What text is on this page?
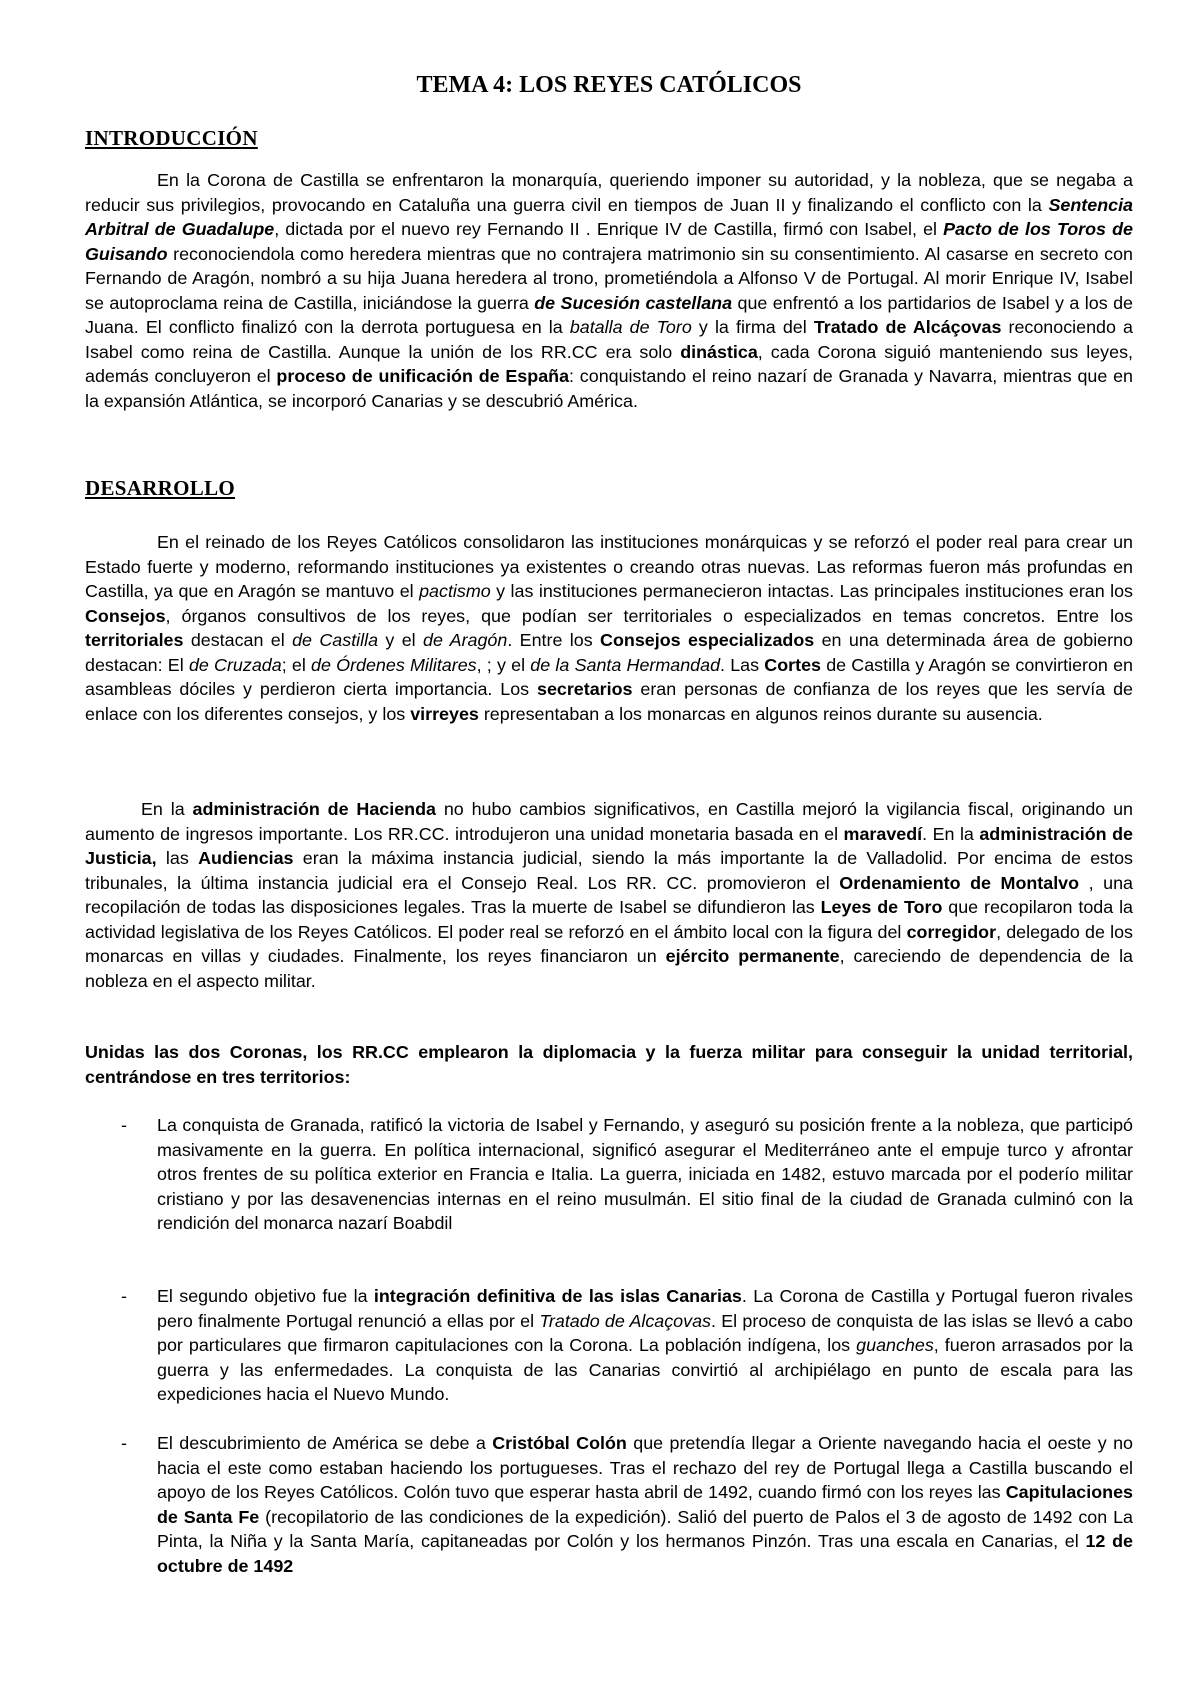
TEMA 4: LOS REYES CATÓLICOS
INTRODUCCIÓN

En la Corona de Castilla se enfrentaron la monarquía, queriendo imponer su autoridad, y la nobleza, que se negaba a reducir sus privilegios, provocando en Cataluña una guerra civil en tiempos de Juan II y finalizando el conflicto con la Sentencia Arbitral de Guadalupe, dictada por el nuevo rey Fernando II . Enrique IV de Castilla, firmó con Isabel, el Pacto de los Toros de Guisando reconociendola como heredera mientras que no contrajera matrimonio sin su consentimiento. Al casarse en secreto con Fernando de Aragón, nombró a su hija Juana heredera al trono, prometiéndola a Alfonso V de Portugal. Al morir Enrique IV, Isabel se autoproclama reina de Castilla, iniciándose la guerra de Sucesión castellana que enfrentó a los partidarios de Isabel y a los de Juana. El conflicto finalizó con la derrota portuguesa en la batalla de Toro y la firma del Tratado de Alcáçovas reconociendo a Isabel como reina de Castilla. Aunque la unión de los RR.CC era solo dinástica, cada Corona siguió manteniendo sus leyes, además concluyeron el proceso de unificación de España: conquistando el reino nazarí de Granada y Navarra, mientras que en la expansión Atlántica, se incorporó Canarias y se descubrió América.

DESARROLLO

En el reinado de los Reyes Católicos consolidaron las instituciones monárquicas y se reforzó el poder real para crear un Estado fuerte y moderno, reformando instituciones ya existentes o creando otras nuevas. Las reformas fueron más profundas en Castilla, ya que en Aragón se mantuvo el pactismo y las instituciones permanecieron intactas. Las principales instituciones eran los Consejos, órganos consultivos de los reyes, que podían ser territoriales o especializados en temas concretos. Entre los territoriales destacan el de Castilla y el de Aragón. Entre los Consejos especializados en una determinada área de gobierno destacan: El de Cruzada; el de Órdenes Militares, ; y el de la Santa Hermandad. Las Cortes de Castilla y Aragón se convirtieron en asambleas dóciles y perdieron cierta importancia. Los secretarios eran personas de confianza de los reyes que les servía de enlace con los diferentes consejos, y los virreyes representaban a los monarcas en algunos reinos durante su ausencia.

En la administración de Hacienda no hubo cambios significativos, en Castilla mejoró la vigilancia fiscal, originando un aumento de ingresos importante. Los RR.CC. introdujeron una unidad monetaria basada en el maravedí. En la administración de Justicia, las Audiencias eran la máxima instancia judicial, siendo la más importante la de Valladolid. Por encima de estos tribunales, la última instancia judicial era el Consejo Real. Los RR. CC. promovieron el Ordenamiento de Montalvo , una recopilación de todas las disposiciones legales. Tras la muerte de Isabel se difundieron las Leyes de Toro que recopilaron toda la actividad legislativa de los Reyes Católicos. El poder real se reforzó en el ámbito local con la figura del corregidor, delegado de los monarcas en villas y ciudades. Finalmente, los reyes financiaron un ejército permanente, careciendo de dependencia de la nobleza en el aspecto militar.

Unidas las dos Coronas, los RR.CC emplearon la diplomacia y la fuerza militar para conseguir la unidad territorial, centrándose en tres territorios:

- La conquista de Granada, ratificó la victoria de Isabel y Fernando, y aseguró su posición frente a la nobleza, que participó masivamente en la guerra. En política internacional, significó asegurar el Mediterráneo ante el empuje turco y afrontar otros frentes de su política exterior en Francia e Italia. La guerra, iniciada en 1482, estuvo marcada por el poderío militar cristiano y por las desavenencias internas en el reino musulmán. El sitio final de la ciudad de Granada culminó con la rendición del monarca nazarí Boabdil

- El segundo objetivo fue la integración definitiva de las islas Canarias. La Corona de Castilla y Portugal fueron rivales pero finalmente Portugal renunció a ellas por el Tratado de Alcaçovas. El proceso de conquista de las islas se llevó a cabo por particulares que firmaron capitulaciones con la Corona. La población indígena, los guanches, fueron arrasados por la guerra y las enfermedades. La conquista de las Canarias convirtió al archipiélago en punto de escala para las expediciones hacia el Nuevo Mundo.

- El descubrimiento de América se debe a Cristóbal Colón que pretendía llegar a Oriente navegando hacia el oeste y no hacia el este como estaban haciendo los portugueses. Tras el rechazo del rey de Portugal llega a Castilla buscando el apoyo de los Reyes Católicos. Colón tuvo que esperar hasta abril de 1492, cuando firmó con los reyes las Capitulaciones de Santa Fe (recopilatorio de las condiciones de la expedición). Salió del puerto de Palos el 3 de agosto de 1492 con La Pinta, la Niña y la Santa María, capitaneadas por Colón y los hermanos Pinzón. Tras una escala en Canarias, el 12 de octubre de 1492
